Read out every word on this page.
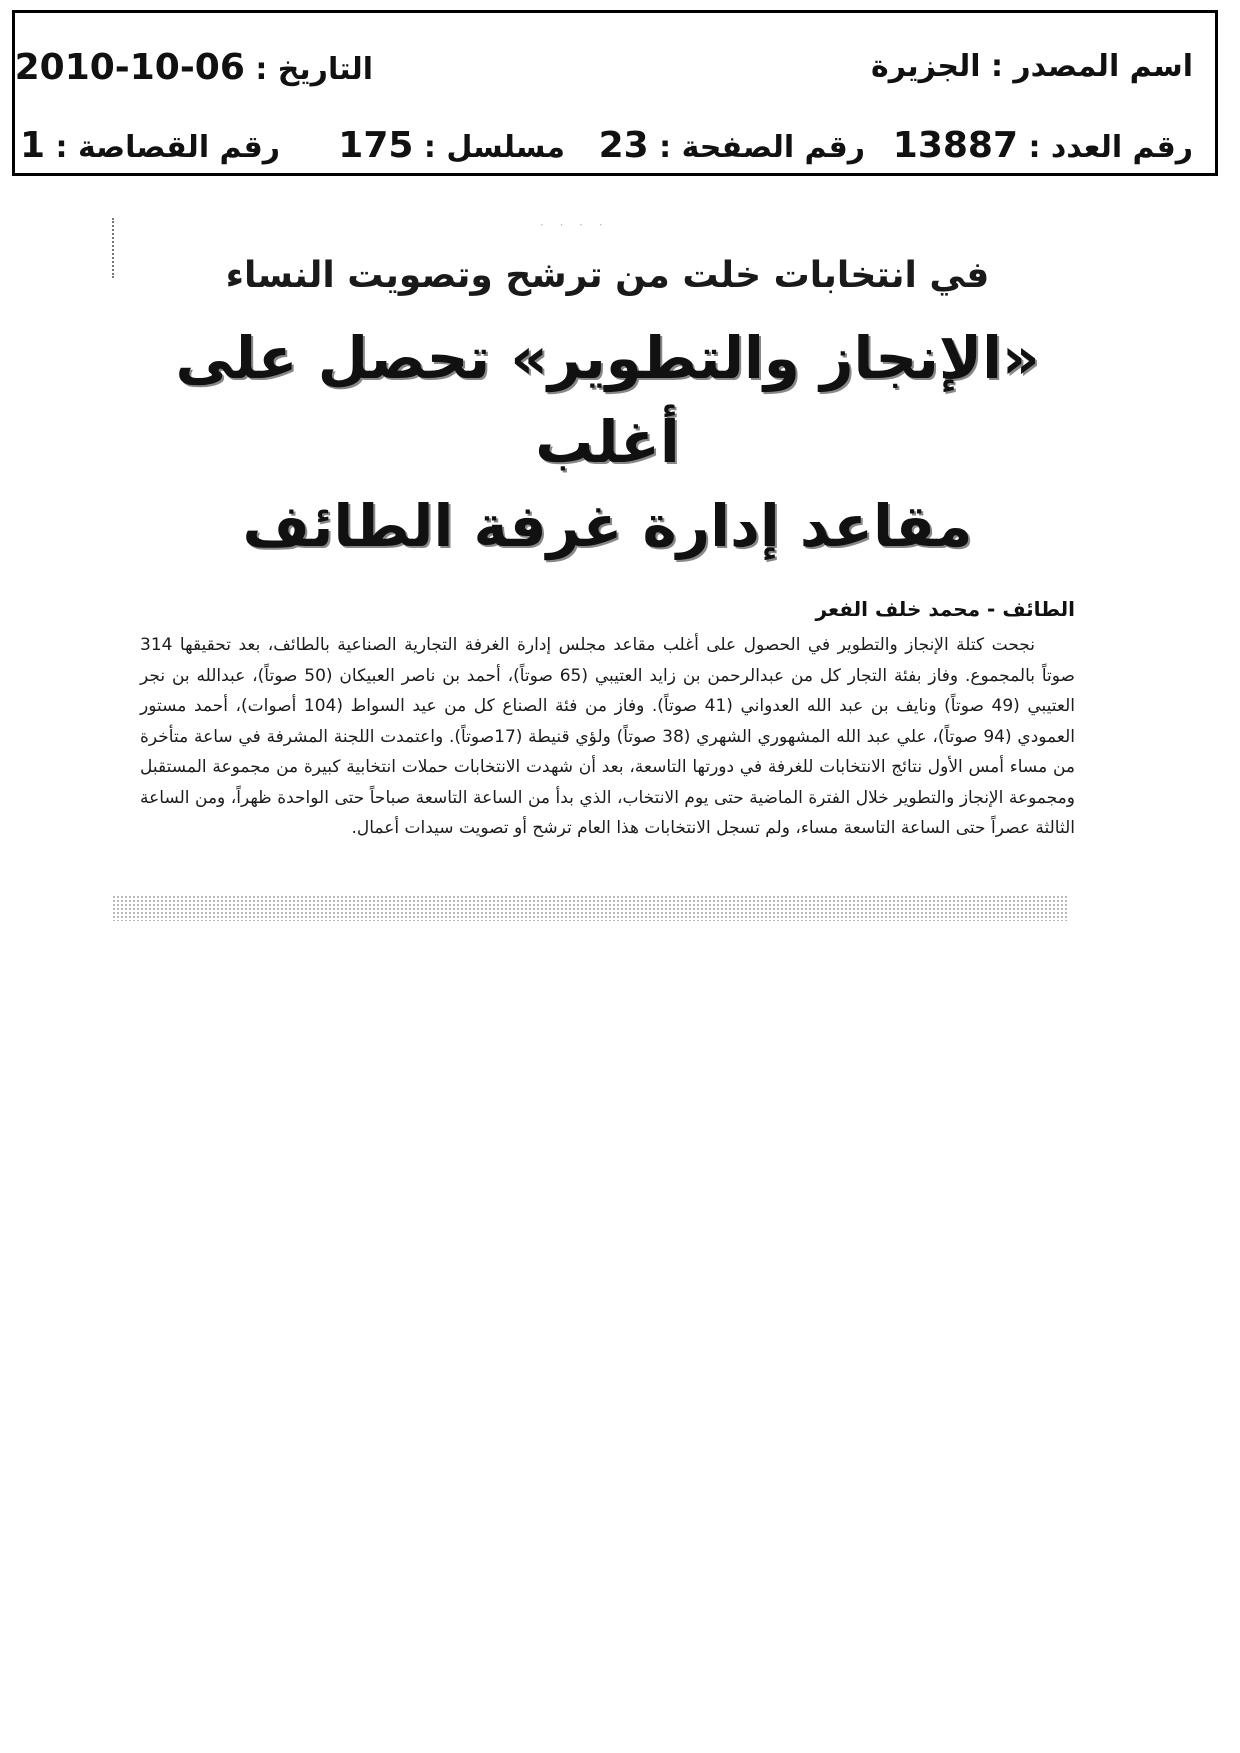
اسم المصدر : الجزيرة
التاريخ : 2010-10-06
رقم العدد : 13887
رقم الصفحة : 23
مسلسل : 175
رقم القصاصة : 1
· · · ·

في انتخابات خلت من ترشح وتصويت النساء

«الإنجاز والتطوير» تحصل على أغلب
مقاعد إدارة غرفة الطائف

الطائف - محمد خلف الفعر

نجحت كتلة الإنجاز والتطوير في الحصول على أغلب مقاعد مجلس إدارة الغرفة التجارية الصناعية بالطائف، بعد تحقيقها 314 صوتاً بالمجموع. وفاز بفئة التجار كل من عبدالرحمن بن زايد العتيبي (65 صوتاً)، أحمد بن ناصر العبيكان (50 صوتاً)، عبدالله بن نجر العتيبي (49 صوتاً) ونايف بن عبد الله العدواني (41 صوتاً). وفاز من فئة الصناع كل من عيد السواط (104 أصوات)، أحمد مستور العمودي (94 صوتاً)، علي عبد الله المشهوري الشهري (38 صوتاً) ولؤي قنيطة (17صوتاً). واعتمدت اللجنة المشرفة في ساعة متأخرة من مساء أمس الأول نتائج الانتخابات للغرفة في دورتها التاسعة، بعد أن شهدت الانتخابات حملات انتخابية كبيرة من مجموعة المستقبل ومجموعة الإنجاز والتطوير خلال الفترة الماضية حتى يوم الانتخاب، الذي بدأ من الساعة التاسعة صباحاً حتى الواحدة ظهراً، ومن الساعة الثالثة عصراً حتى الساعة التاسعة مساء، ولم تسجل الانتخابات هذا العام ترشح أو تصويت سيدات أعمال.
